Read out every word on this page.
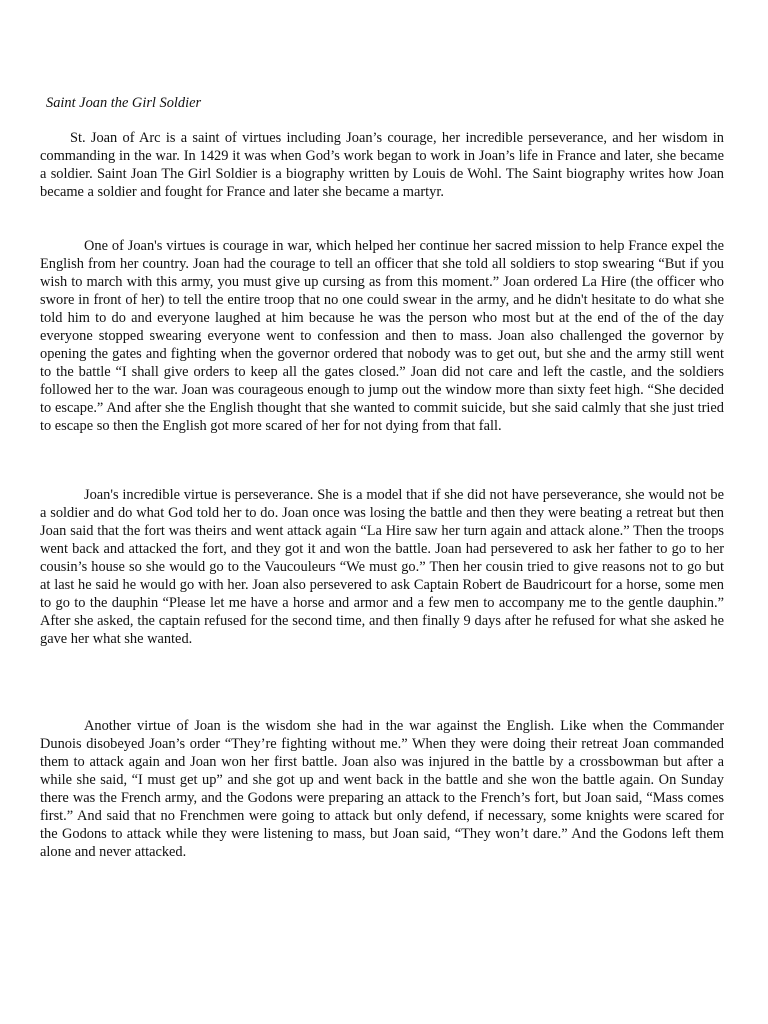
Saint Joan the Girl Soldier

St. Joan of Arc is a saint of virtues including Joan’s courage, her incredible perseverance, and her wisdom in commanding in the war. In 1429 it was when God’s work began to work in Joan’s life in France and later, she became a soldier. Saint Joan The Girl Soldier is a biography written by Louis de Wohl. The Saint biography writes how Joan became a soldier and fought for France and later she became a martyr.

One of Joan's virtues is courage in war, which helped her continue her sacred mission to help France expel the English from her country. Joan had the courage to tell an officer that she told all soldiers to stop swearing “But if you wish to march with this army, you must give up cursing as from this moment.” Joan ordered La Hire (the officer who swore in front of her) to tell the entire troop that no one could swear in the army, and he didn't hesitate to do what she told him to do and everyone laughed at him because he was the person who most but at the end of the of the day everyone stopped swearing everyone went to confession and then to mass. Joan also challenged the governor by opening the gates and fighting when the governor ordered that nobody was to get out, but she and the army still went to the battle “I shall give orders to keep all the gates closed.” Joan did not care and left the castle, and the soldiers followed her to the war. Joan was courageous enough to jump out the window more than sixty feet high. “She decided to escape.” And after she the English thought that she wanted to commit suicide, but she said calmly that she just tried to escape so then the English got more scared of her for not dying from that fall.

Joan's incredible virtue is perseverance. She is a model that if she did not have perseverance, she would not be a soldier and do what God told her to do. Joan once was losing the battle and then they were beating a retreat but then Joan said that the fort was theirs and went attack again “La Hire saw her turn again and attack alone.” Then the troops went back and attacked the fort, and they got it and won the battle. Joan had persevered to ask her father to go to her cousin’s house so she would go to the Vaucouleurs “We must go.” Then her cousin tried to give reasons not to go but at last he said he would go with her. Joan also persevered to ask Captain Robert de Baudricourt for a horse, some men to go to the dauphin “Please let me have a horse and armor and a few men to accompany me to the gentle dauphin.” After she asked, the captain refused for the second time, and then finally 9 days after he refused for what she asked he gave her what she wanted.

Another virtue of Joan is the wisdom she had in the war against the English. Like when the Commander Dunois disobeyed Joan’s order “They’re fighting without me.” When they were doing their retreat Joan commanded them to attack again and Joan won her first battle. Joan also was injured in the battle by a crossbowman but after a while she said, “I must get up” and she got up and went back in the battle and she won the battle again. On Sunday there was the French army, and the Godons were preparing an attack to the French’s fort, but Joan said, “Mass comes first.” And said that no Frenchmen were going to attack but only defend, if necessary, some knights were scared for the Godons to attack while they were listening to mass, but Joan said, “They won’t dare.” And the Godons left them alone and never attacked.
